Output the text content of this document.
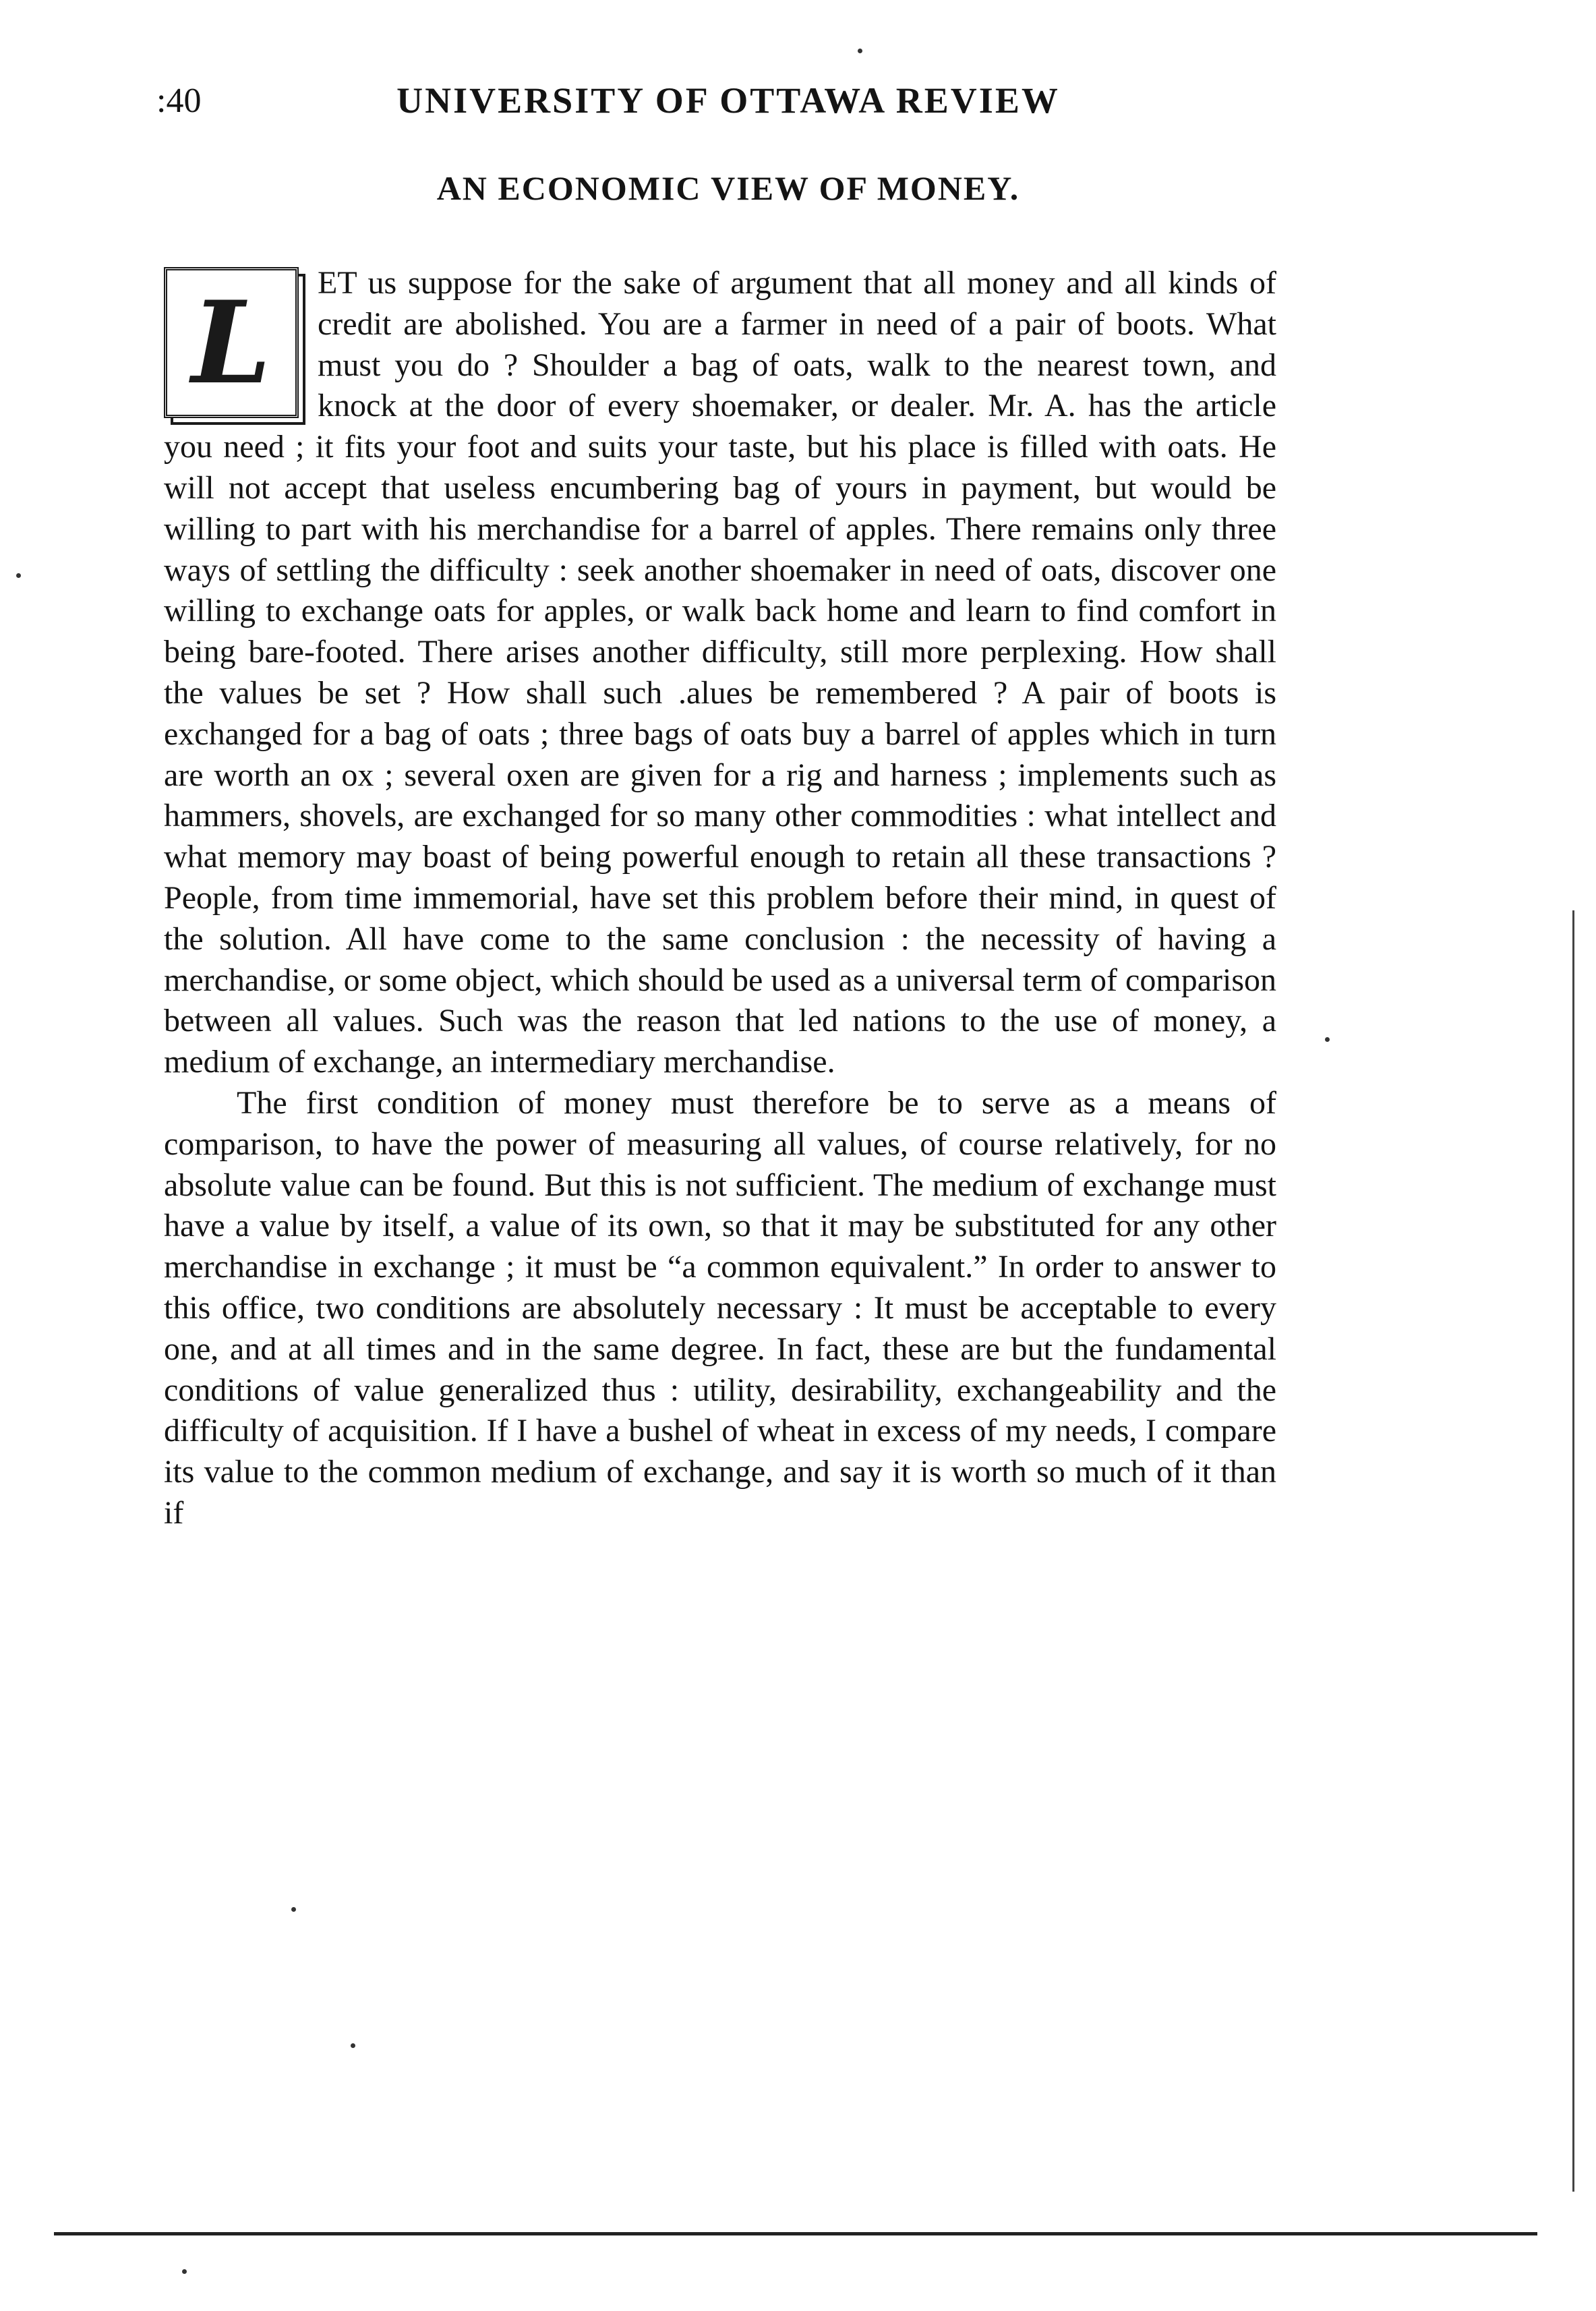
:40	UNIVERSITY OF OTTAWA REVIEW
AN ECONOMIC VIEW OF MONEY.

L ET us suppose for the sake of argument that all money and all kinds of credit are abolished. You are a farmer in need of a pair of boots. What must you do ? Shoulder a bag of oats, walk to the nearest town, and knock at the door of every shoemaker, or dealer. Mr. A. has the article you need ; it fits your foot and suits your taste, but his place is filled with oats. He will not accept that useless encumbering bag of yours in payment, but would be willing to part with his merchandise for a barrel of apples. There remains only three ways of settling the difficulty : seek another shoemaker in need of oats, discover one willing to exchange oats for apples, or walk back home and learn to find comfort in being bare-footed. There arises another difficulty, still more perplexing. How shall the values be set ? How shall such .alues be remembered ? A pair of boots is exchanged for a bag of oats ; three bags of oats buy a barrel of apples which in turn are worth an ox ; several oxen are given for a rig and harness ; implements such as hammers, shovels, are exchanged for so many other commodities : what intellect and what memory may boast of being powerful enough to retain all these transactions ? People, from time immemorial, have set this problem before their mind, in quest of the solution. All have come to the same conclusion : the necessity of having a merchandise, or some object, which should be used as a universal term of comparison between all values. Such was the reason that led nations to the use of money, a medium of exchange, an intermediary merchandise.

The first condition of money must therefore be to serve as a means of comparison, to have the power of measuring all values, of course relatively, for no absolute value can be found. But this is not sufficient. The medium of exchange must have a value by itself, a value of its own, so that it may be substituted for any other merchandise in exchange ; it must be “a common equivalent.” In order to answer to this office, two conditions are absolutely necessary : It must be acceptable to every one, and at all times and in the same degree. In fact, these are but the fundamental conditions of value generalized thus : utility, desirability, exchangeability and the difficulty of acquisition. If I have a bushel of wheat in excess of my needs, I compare its value to the common medium of exchange, and say it is worth so much of it than if
